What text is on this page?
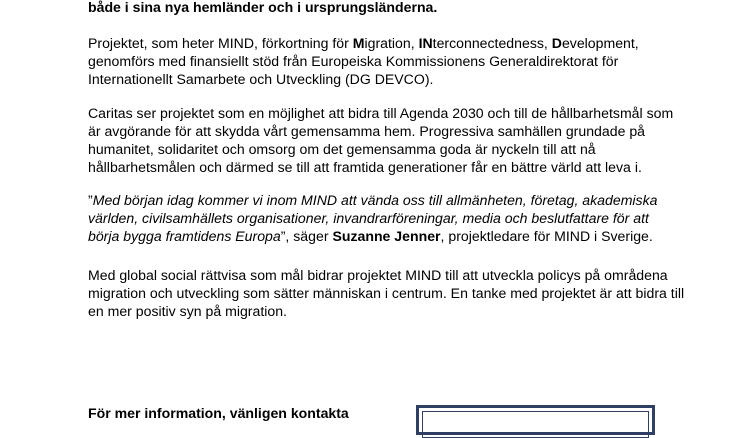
både i sina nya hemländer och i ursprungsländerna.

Projektet, som heter MIND, förkortning för Migration, INterconnectedness, Development,
genomförs med finansiellt stöd från Europeiska Kommissionens Generaldirektorat för
Internationellt Samarbete och Utveckling (DG DEVCO).

Caritas ser projektet som en möjlighet att bidra till Agenda 2030 och till de hållbarhetsmål som
är avgörande för att skydda vårt gemensamma hem. Progressiva samhällen grundade på
humanitet, solidaritet och omsorg om det gemensamma goda är nyckeln till att nå
hållbarhetsmålen och därmed se till att framtida generationer får en bättre värld att leva i.

”Med början idag kommer vi inom MIND att vända oss till allmänheten, företag, akademiska
världen, civilsamhällets organisationer, invandrarföreningar, media och beslutfattare för att
börja bygga framtidens Europa”, säger Suzanne Jenner, projektledare för MIND i Sverige.

Med global social rättvisa som mål bidrar projektet MIND till att utveckla policys på områdena
migration och utveckling som sätter människan i centrum. En tanke med projektet är att bidra till
en mer positiv syn på migration.

För mer information, vänligen kontakta
